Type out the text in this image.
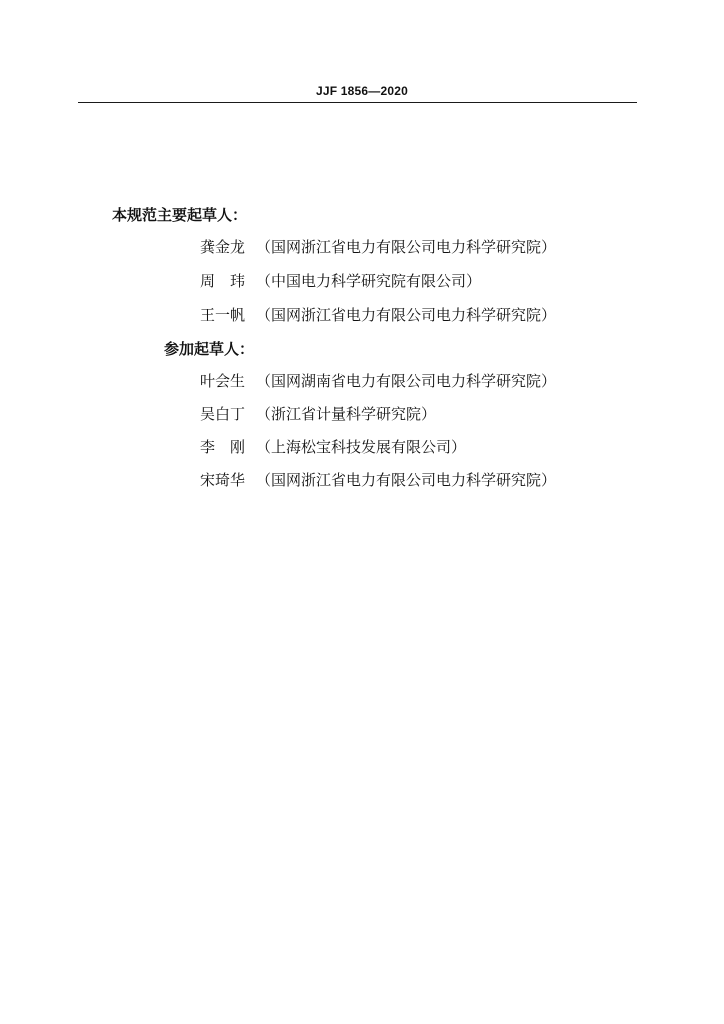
JJF 1856—2020
本规范主要起草人：
龚金龙 （国网浙江省电力有限公司电力科学研究院）
周　玮 （中国电力科学研究院有限公司）
王一帆 （国网浙江省电力有限公司电力科学研究院）
参加起草人：
叶会生 （国网湖南省电力有限公司电力科学研究院）
吴白丁 （浙江省计量科学研究院）
李　刚 （上海松宝科技发展有限公司）
宋琦华 （国网浙江省电力有限公司电力科学研究院）
